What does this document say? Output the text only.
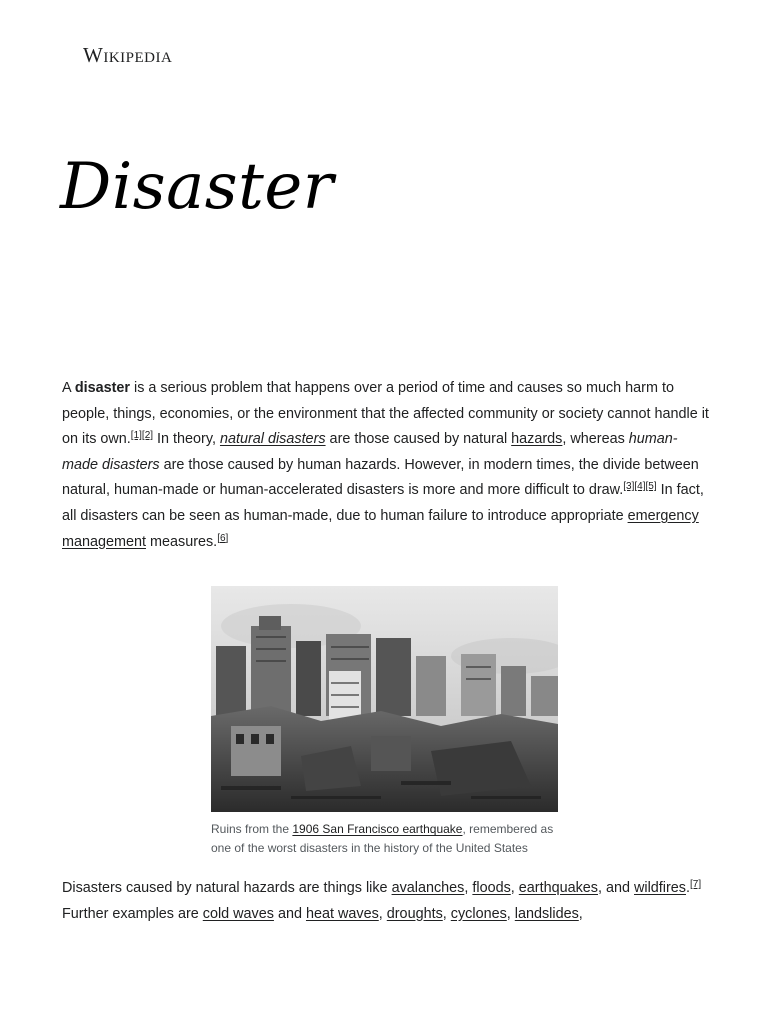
Wikipedia
Disaster

A disaster is a serious problem that happens over a period of time and causes so much harm to people, things, economies, or the environment that the affected community or society cannot handle it on its own.[1][2] In theory, natural disasters are those caused by natural hazards, whereas human-made disasters are those caused by human hazards. However, in modern times, the divide between natural, human-made or human-accelerated disasters is more and more difficult to draw.[3][4][5] In fact, all disasters can be seen as human-made, due to human failure to introduce appropriate emergency management measures.[6]

Ruins from the 1906 San Francisco earthquake, remembered as one of the worst disasters in the history of the United States

Disasters caused by natural hazards are things like avalanches, floods, earthquakes, and wildfires.[7] Further examples are cold waves and heat waves, droughts, cyclones, landslides,
